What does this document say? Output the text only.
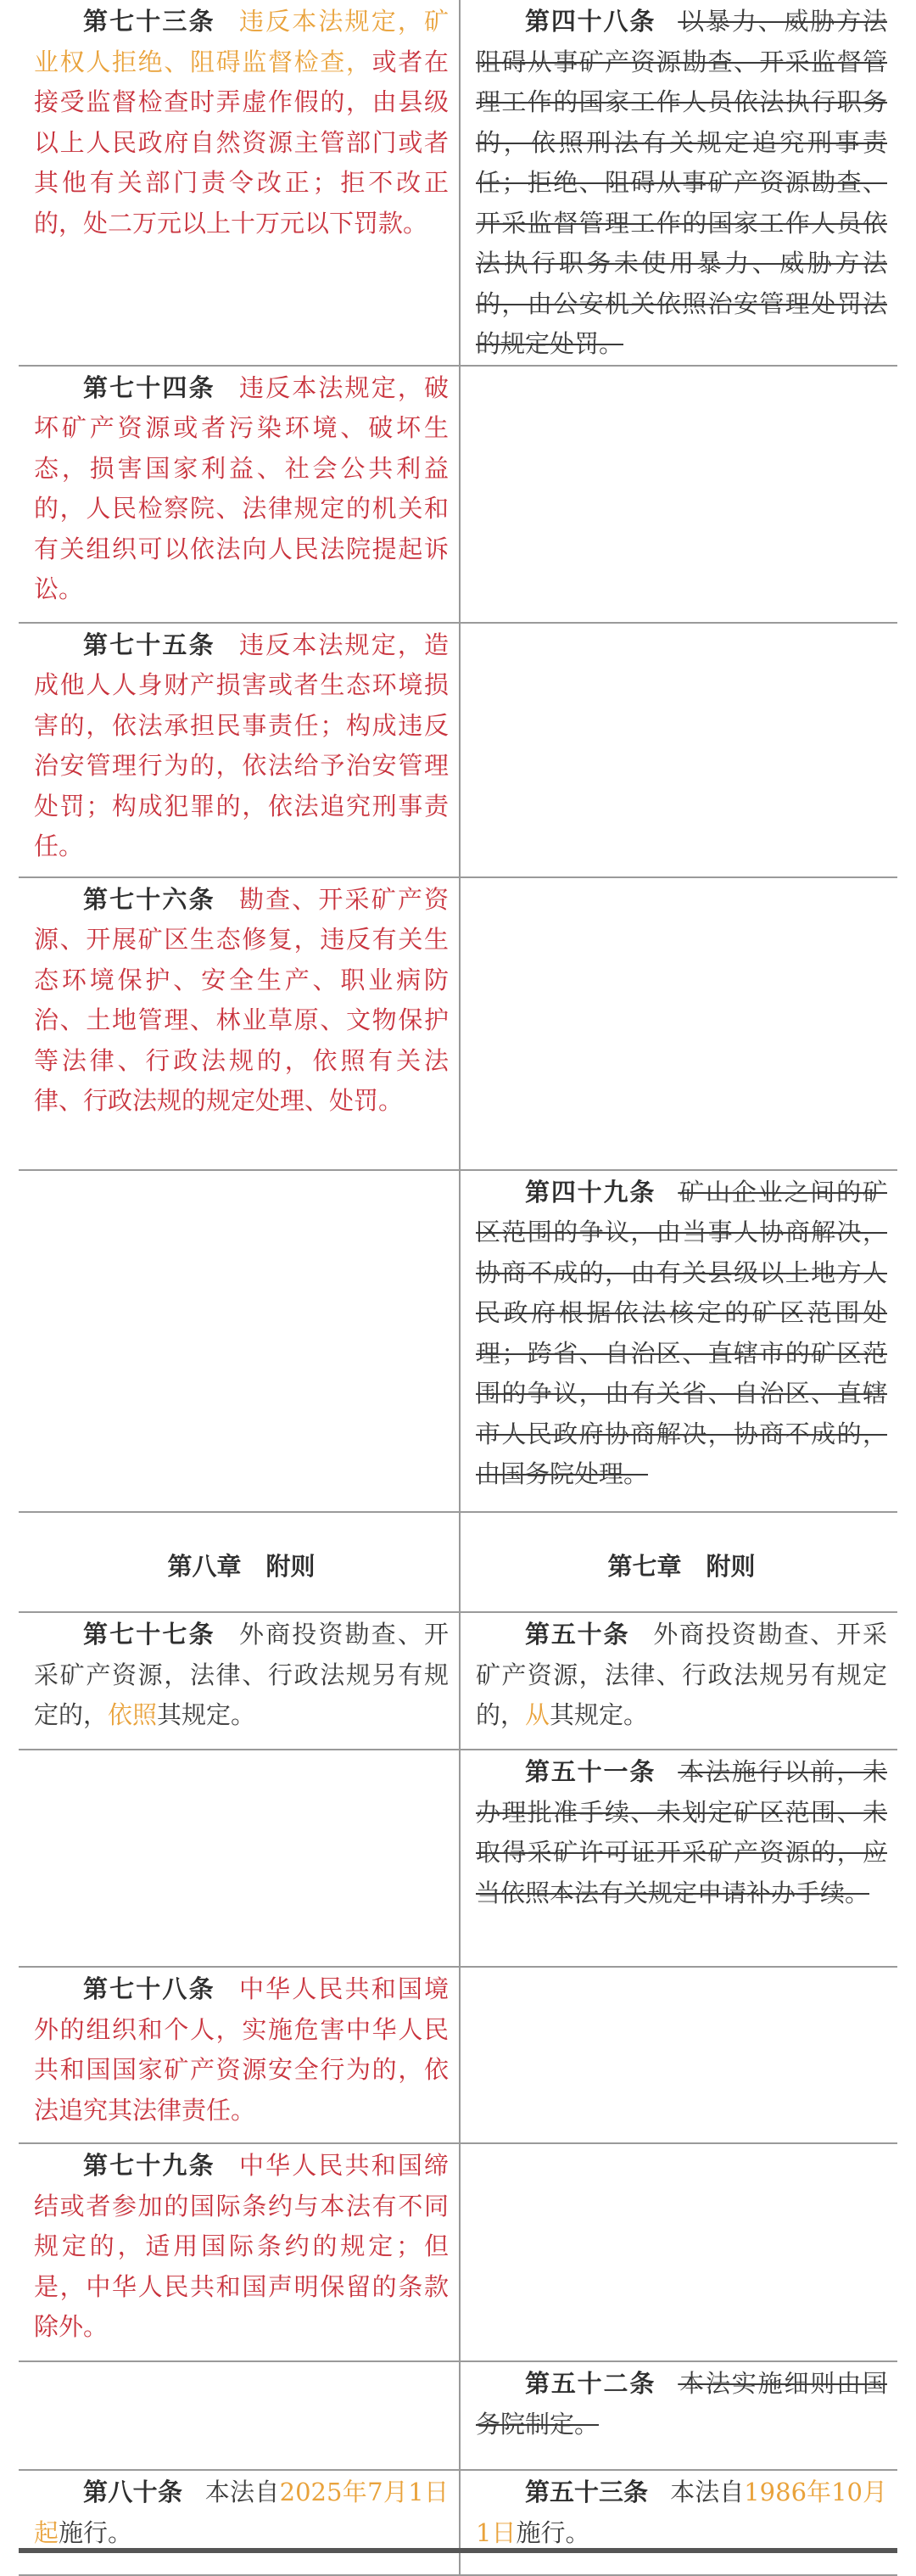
第七十三条 违反本法规定，矿业权人拒绝、阻碍监督检查，或者在接受监督检查时弄虚作假的，由县级以上人民政府自然资源主管部门或者其他有关部门责令改正；拒不改正的，处二万元以上十万元以下罚款。	第四十八条 以暴力、威胁方法阻碍从事矿产资源勘查、开采监督管理工作的国家工作人员依法执行职务的，依照刑法有关规定追究刑事责任；拒绝、阻碍从事矿产资源勘查、开采监督管理工作的国家工作人员依法执行职务未使用暴力、威胁方法的，由公安机关依照治安管理处罚法的规定处罚。

第七十四条 违反本法规定，破坏矿产资源或者污染环境、破坏生态，损害国家利益、社会公共利益的，人民检察院、法律规定的机关和有关组织可以依法向人民法院提起诉讼。	

第七十五条 违反本法规定，造成他人人身财产损害或者生态环境损害的，依法承担民事责任；构成违反治安管理行为的，依法给予治安管理处罚；构成犯罪的，依法追究刑事责任。	

第七十六条 勘查、开采矿产资源、开展矿区生态修复，违反有关生态环境保护、安全生产、职业病防治、土地管理、林业草原、文物保护等法律、行政法规的，依照有关法律、行政法规的规定处理、处罚。	

	第四十九条 矿山企业之间的矿区范围的争议，由当事人协商解决，协商不成的，由有关县级以上地方人民政府根据依法核定的矿区范围处理；跨省、自治区、直辖市的矿区范围的争议，由有关省、自治区、直辖市人民政府协商解决，协商不成的，由国务院处理。

第八章　附则	第七章　附则

第七十七条 外商投资勘查、开采矿产资源，法律、行政法规另有规定的，依照其规定。	第五十条 外商投资勘查、开采矿产资源，法律、行政法规另有规定的，从其规定。

	第五十一条 本法施行以前，未办理批准手续、未划定矿区范围、未取得采矿许可证开采矿产资源的，应当依照本法有关规定申请补办手续。

第七十八条 中华人民共和国境外的组织和个人，实施危害中华人民共和国国家矿产资源安全行为的，依法追究其法律责任。	

第七十九条 中华人民共和国缔结或者参加的国际条约与本法有不同规定的，适用国际条约的规定；但是，中华人民共和国声明保留的条款除外。	

	第五十二条 本法实施细则由国务院制定。

第八十条 本法自2025年7月1日起施行。	第五十三条 本法自1986年10月1日施行。
